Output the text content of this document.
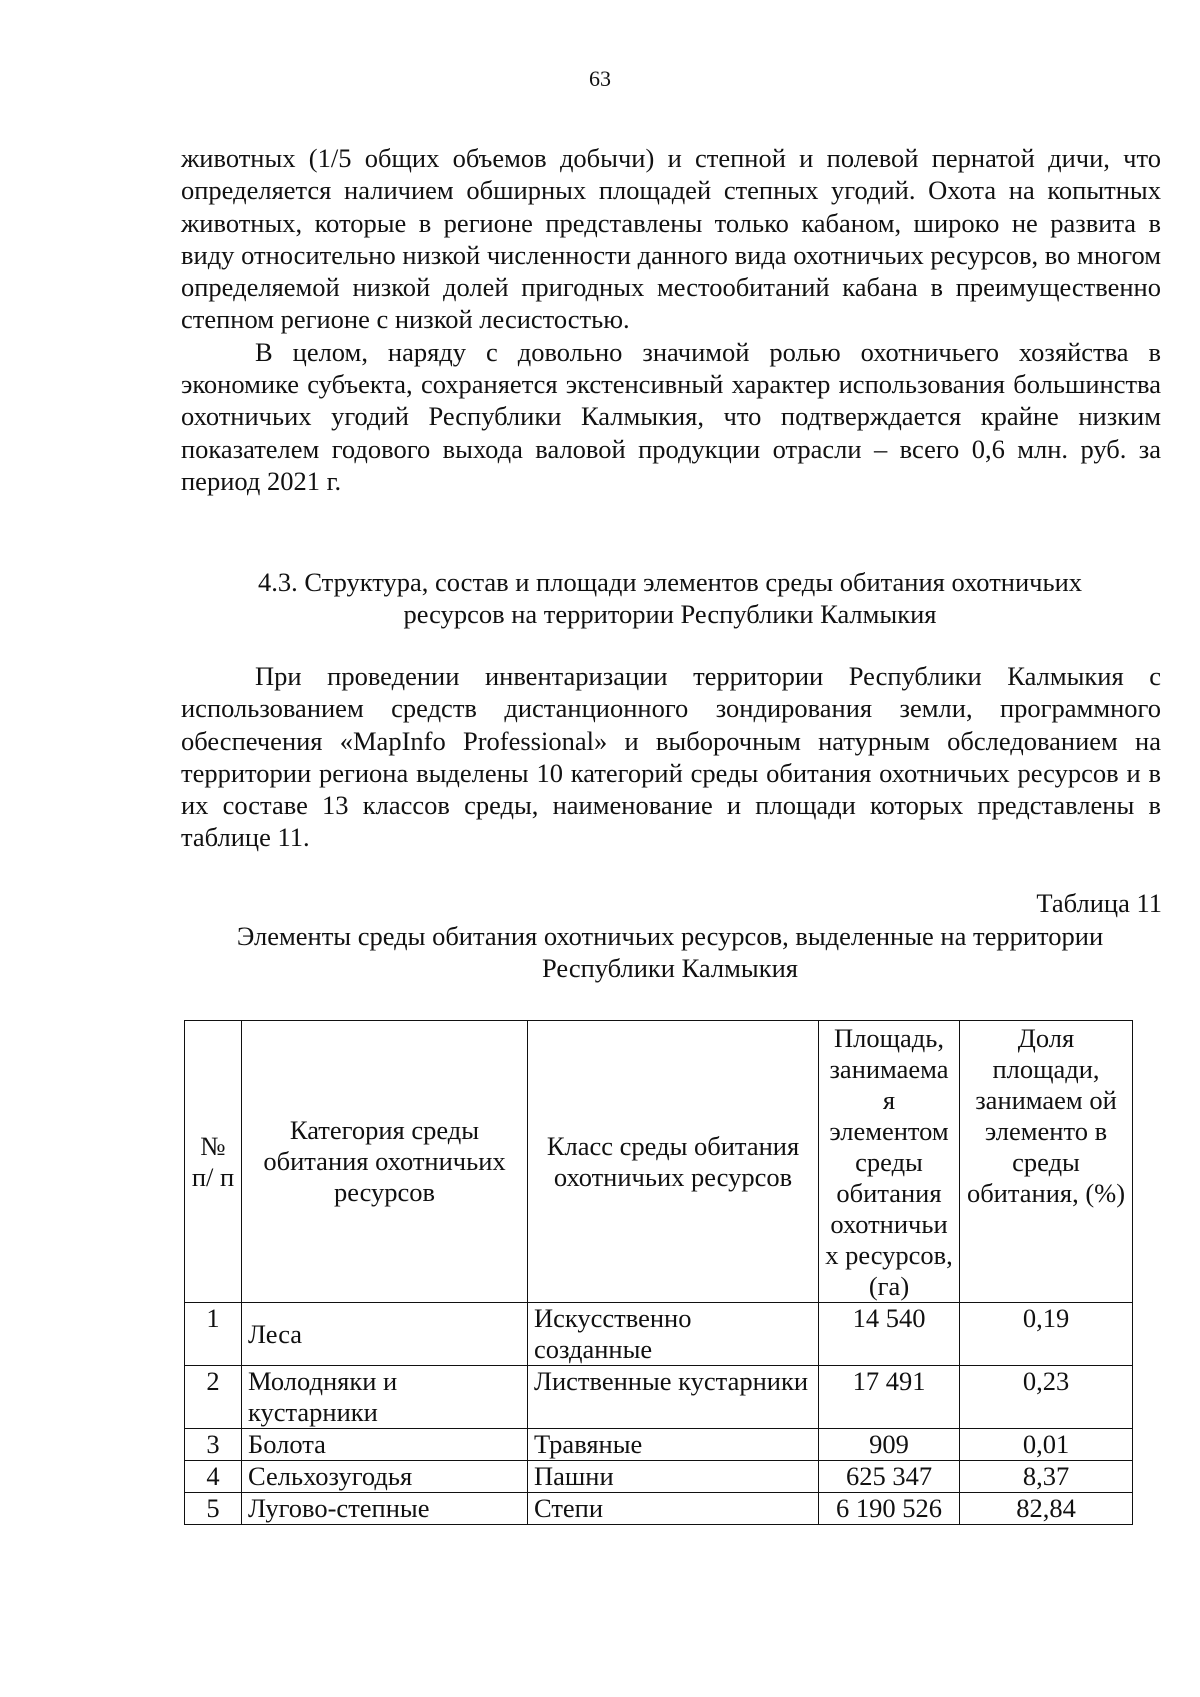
63

животных (1/5 общих объемов добычи) и степной и полевой пернатой дичи, что определяется наличием обширных площадей степных угодий. Охота на копытных животных, которые в регионе представлены только кабаном, широко не развита в виду относительно низкой численности данного вида охотничьих ресурсов, во многом определяемой низкой долей пригодных местообитаний кабана в преимущественно степном регионе с низкой лесистостью.

В целом, наряду с довольно значимой ролью охотничьего хозяйства в экономике субъекта, сохраняется экстенсивный характер использования большинства охотничьих угодий Республики Калмыкия, что подтверждается крайне низким показателем годового выхода валовой продукции отрасли – всего 0,6 млн. руб. за период 2021 г.

4.3. Структура, состав и площади элементов среды обитания охотничьих
ресурсов на территории Республики Калмыкия

При проведении инвентаризации территории Республики Калмыкия с использованием средств дистанционного зондирования земли, программного обеспечения «MapInfo Professional» и выборочным натурным обследованием на территории региона выделены 10 категорий среды обитания охотничьих ресурсов и в их составе 13 классов среды, наименование и площади которых представлены в таблице 11.

Таблица 11
Элементы среды обитания охотничьих ресурсов, выделенные на территории
Республики Калмыкия
№ п/ п	Категория среды обитания охотничьих ресурсов	Класс среды обитания охотничьих ресурсов	Площадь, занимаема я элементом среды обитания охотничьи х ресурсов, (га)	Доля площади, занимаем ой элементо в среды обитания, (%)
1	Леса	Искусственно созданные	14 540	0,19
2	Молодняки и кустарники	Лиственные кустарники	17 491	0,23
3	Болота	Травяные	909	0,01
4	Сельхозугодья	Пашни	625 347	8,37
5	Лугово-степные	Степи	6 190 526	82,84
